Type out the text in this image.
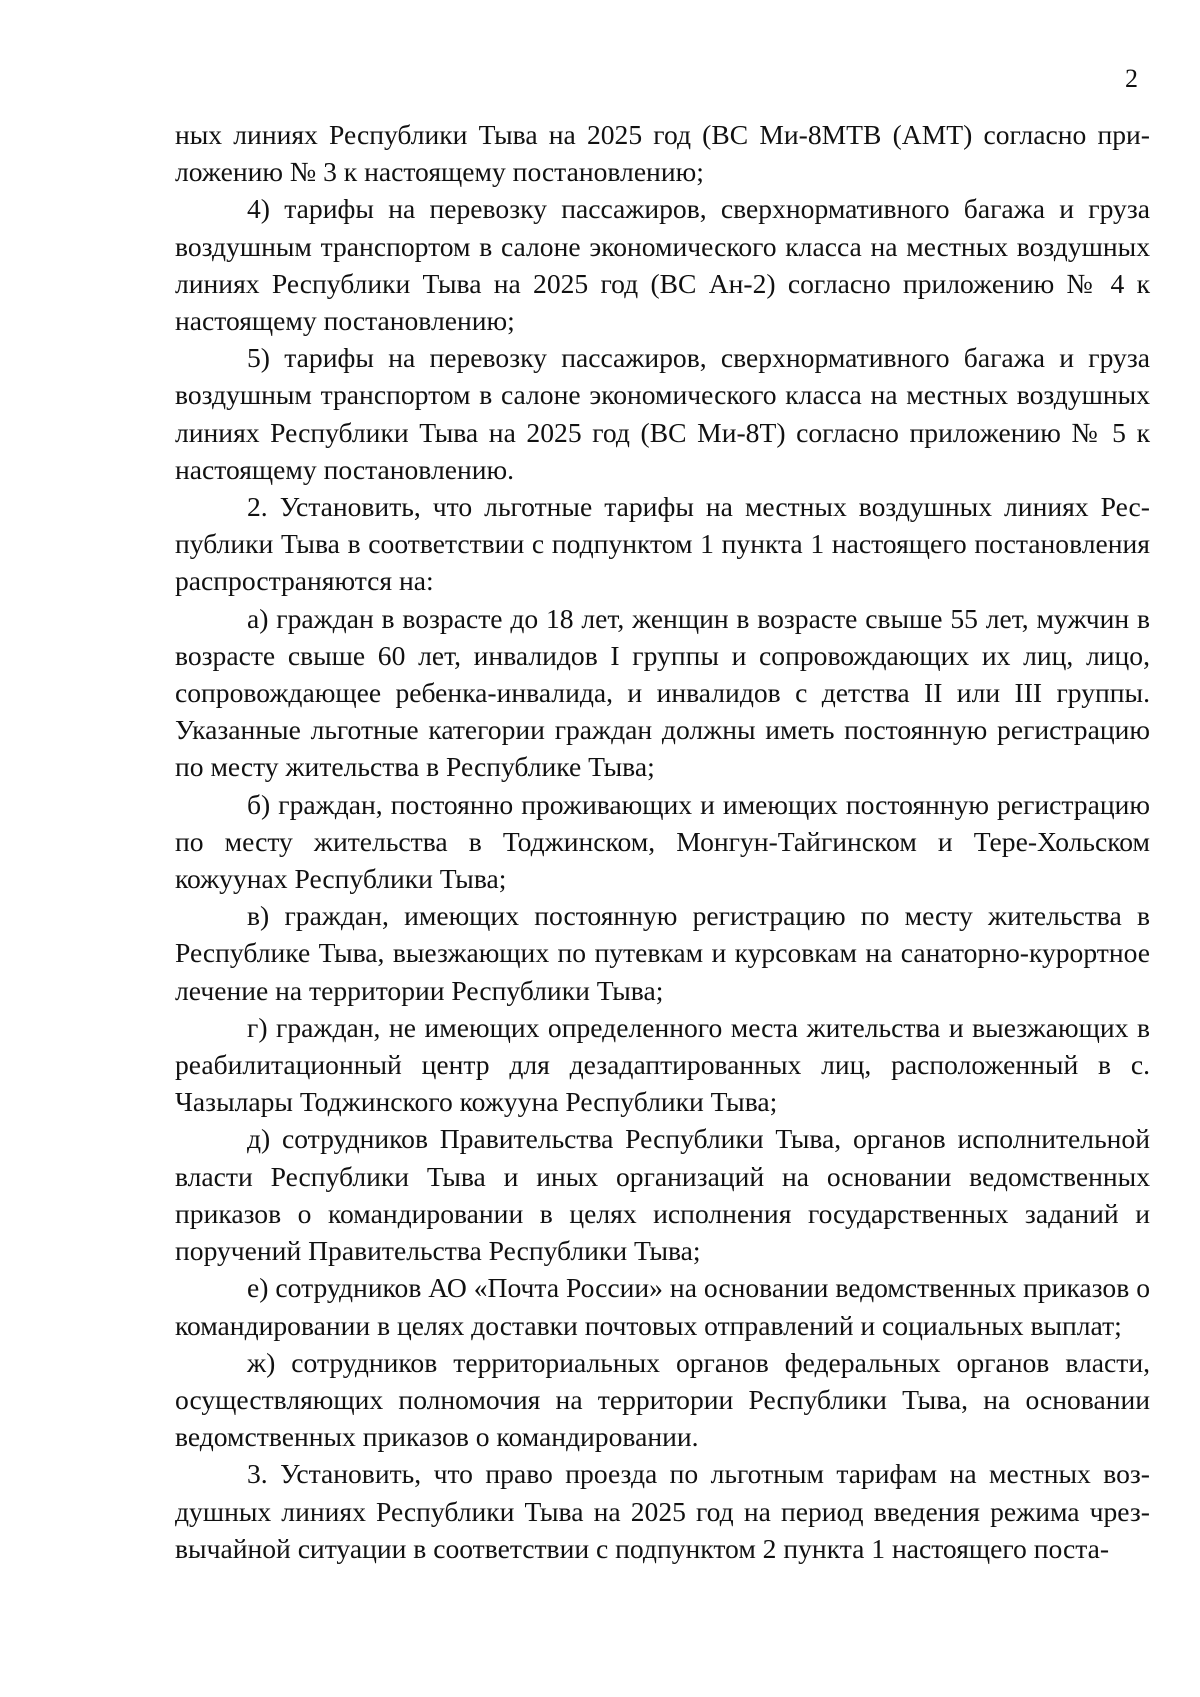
2

ных линиях Республики Тыва на 2025 год (ВС Ми-8МТВ (АМТ) согласно приложению № 3 к настоящему постановлению;

4) тарифы на перевозку пассажиров, сверхнормативного багажа и груза воздушным транспортом в салоне экономического класса на местных воздушных линиях Республики Тыва на 2025 год (ВС Ан-2) согласно приложению № 4 к настоящему постановлению;

5) тарифы на перевозку пассажиров, сверхнормативного багажа и груза воздушным транспортом в салоне экономического класса на местных воздушных линиях Республики Тыва на 2025 год (ВС Ми-8Т) согласно приложению № 5 к настоящему постановлению.

2. Установить, что льготные тарифы на местных воздушных линиях Республики Тыва в соответствии с подпунктом 1 пункта 1 настоящего постановления распространяются на:

а) граждан в возрасте до 18 лет, женщин в возрасте свыше 55 лет, мужчин в возрасте свыше 60 лет, инвалидов I группы и сопровождающих их лиц, лицо, сопровождающее ребенка-инвалида, и инвалидов с детства II или III группы. Указанные льготные категории граждан должны иметь постоянную регистрацию по месту жительства в Республике Тыва;

б) граждан, постоянно проживающих и имеющих постоянную регистрацию по месту жительства в Тоджинском, Монгун-Тайгинском и Тере-Хольском кожуунах Республики Тыва;

в) граждан, имеющих постоянную регистрацию по месту жительства в Республике Тыва, выезжающих по путевкам и курсовкам на санаторно-курортное лечение на территории Республики Тыва;

г) граждан, не имеющих определенного места жительства и выезжающих в реабилитационный центр для дезадаптированных лиц, расположенный в с. Чазылары Тоджинского кожууна Республики Тыва;

д) сотрудников Правительства Республики Тыва, органов исполнительной власти Республики Тыва и иных организаций на основании ведомственных приказов о командировании в целях исполнения государственных заданий и поручений Правительства Республики Тыва;

е) сотрудников АО «Почта России» на основании ведомственных приказов о командировании в целях доставки почтовых отправлений и социальных выплат;

ж) сотрудников территориальных органов федеральных органов власти, осуществляющих полномочия на территории Республики Тыва, на основании ведомственных приказов о командировании.

3. Установить, что право проезда по льготным тарифам на местных воздушных линиях Республики Тыва на 2025 год на период введения режима чрезвычайной ситуации в соответствии с подпунктом 2 пункта 1 настоящего поста-
